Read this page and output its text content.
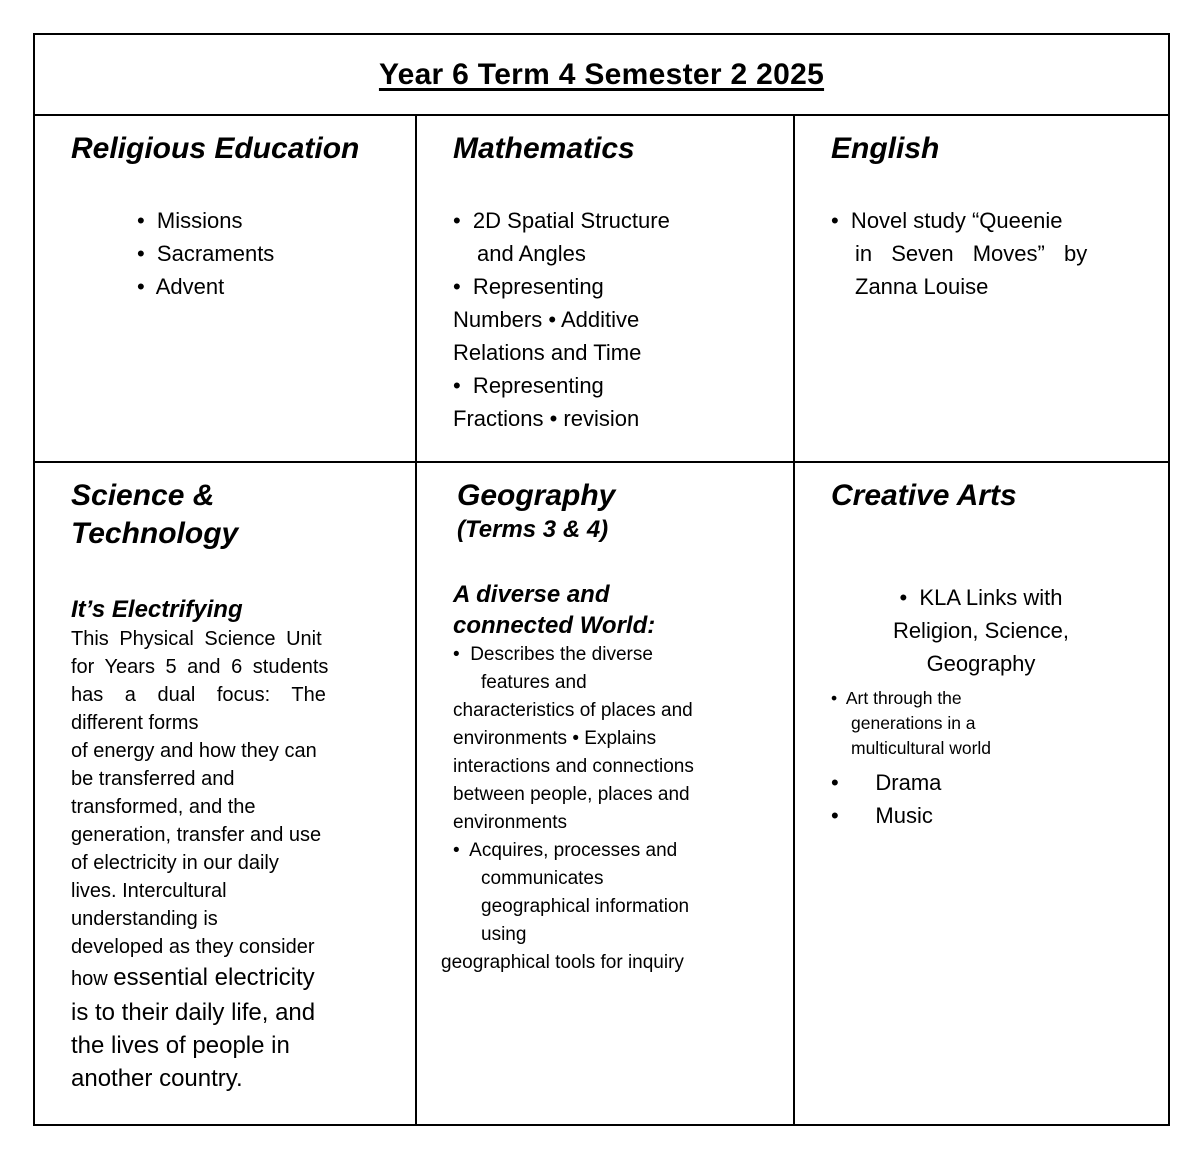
Year 6 Term 4 Semester 2 2025
Religious Education
•  Missions
•  Sacraments
•  Advent
Mathematics
•  2D Spatial Structure
and Angles
•  Representing
Numbers • Additive
Relations and Time
•  Representing
Fractions • revision
English
•  Novel study “Queenie
in Seven Moves” by
Zanna Louise
Science &
Technology
It’s Electrifying
This Physical Science Unit
for Years 5 and 6 students
has a dual focus: The
different forms
of energy and how they can
be transferred and
transformed, and the
generation, transfer and use
of electricity in our daily
lives. Intercultural
understanding is
developed as they consider
how essential electricity
is to their daily life, and
the lives of people in
another country.
Geography
(Terms 3 & 4)
A diverse and
connected World:
•  Describes the diverse
features and
characteristics of places and
environments • Explains
interactions and connections
between people, places and
environments
•  Acquires, processes and
communicates
geographical information
using
geographical tools for inquiry
Creative Arts
•  KLA Links with
Religion, Science,
Geography
•  Art through the
generations in a
multicultural world
•      Drama
•      Music
